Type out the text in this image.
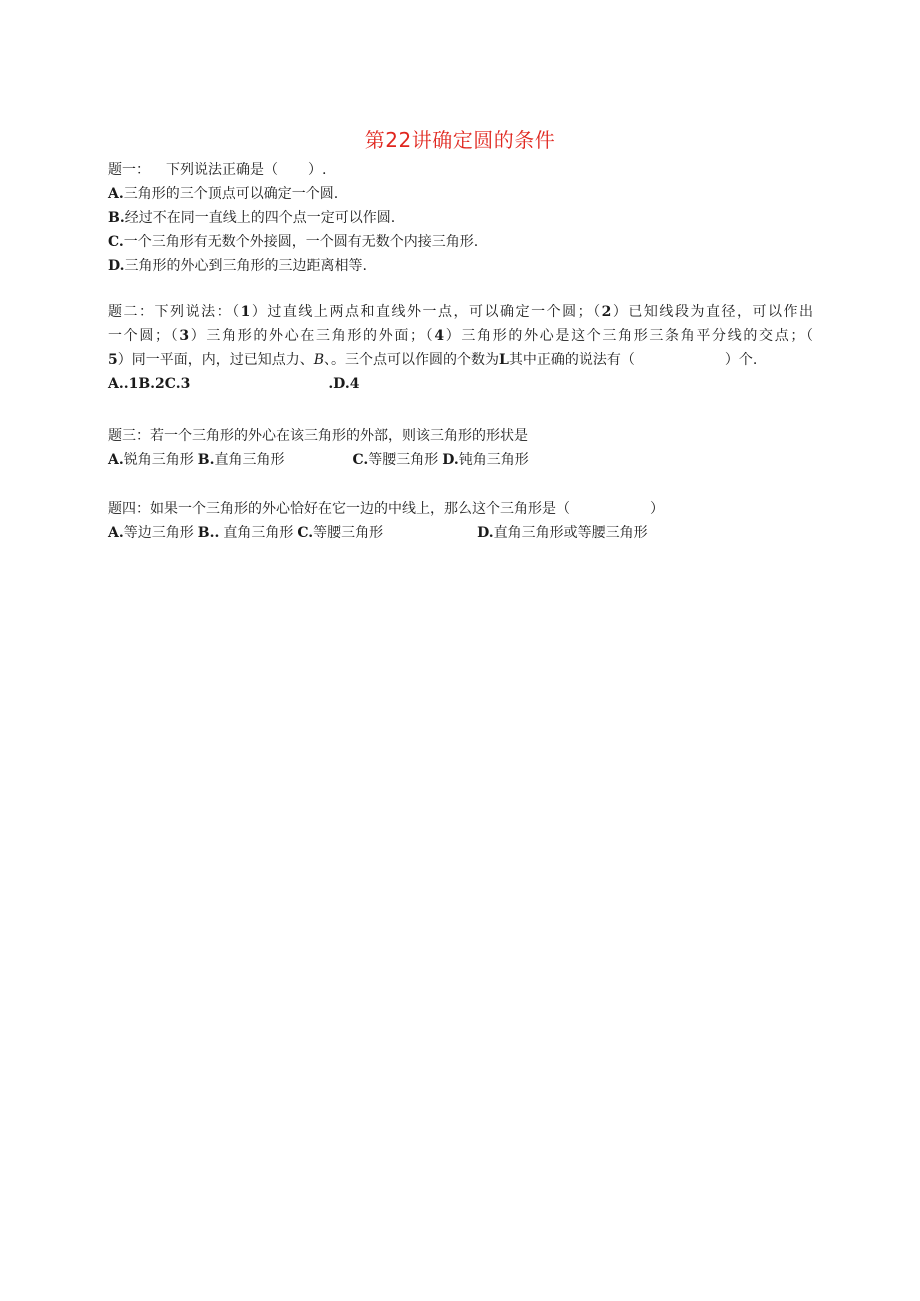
第22讲确定圆的条件
题一： 下列说法正确是（ ）.
A.三角形的三个顶点可以确定一个圆.
B.经过不在同一直线上的四个点一定可以作圆.
C.一个三角形有无数个外接圆，一个圆有无数个内接三角形.
D.三角形的外心到三角形的三边距离相等.
题二：下列说法：（1）过直线上两点和直线外一点，可以确定一个圆；（2）已知线段为直径，可以作出
一个圆；（3）三角形的外心在三角形的外面；（4）三角形的外心是这个三角形三条角平分线的交点；（
5）同一平面，内，过已知点力、B、。三个点可以作圆的个数为L其中正确的说法有（	）个.
A..1B.2C.3	.D.4
题三：若一个三角形的外心在该三角形的外部，则该三角形的形状是
A.锐角三角形 B.直角三角形	C.等腰三角形 D.钝角三角形
题四：如果一个三角形的外心恰好在它一边的中线上，那么这个三角形是（	）
A.等边三角形 B.. 直角三角形 C.等腰三角形	D.直角三角形或等腰三角形
